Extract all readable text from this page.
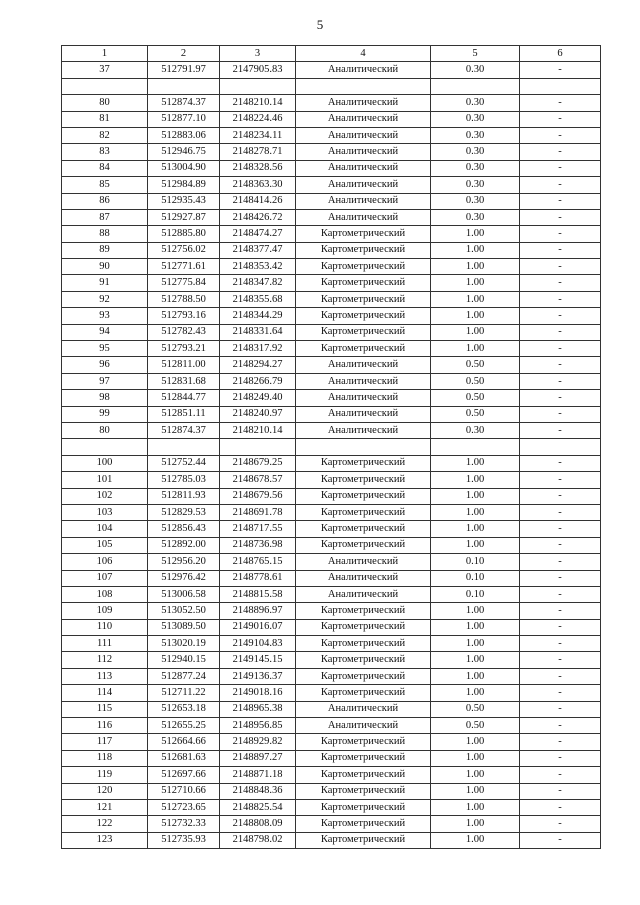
5
1	2	3	4	5	6
37	512791.97	2147905.83	Аналитический	0.30	-

80	512874.37	2148210.14	Аналитический	0.30	-
81	512877.10	2148224.46	Аналитический	0.30	-
82	512883.06	2148234.11	Аналитический	0.30	-
83	512946.75	2148278.71	Аналитический	0.30	-
84	513004.90	2148328.56	Аналитический	0.30	-
85	512984.89	2148363.30	Аналитический	0.30	-
86	512935.43	2148414.26	Аналитический	0.30	-
87	512927.87	2148426.72	Аналитический	0.30	-
88	512885.80	2148474.27	Картометрический	1.00	-
89	512756.02	2148377.47	Картометрический	1.00	-
90	512771.61	2148353.42	Картометрический	1.00	-
91	512775.84	2148347.82	Картометрический	1.00	-
92	512788.50	2148355.68	Картометрический	1.00	-
93	512793.16	2148344.29	Картометрический	1.00	-
94	512782.43	2148331.64	Картометрический	1.00	-
95	512793.21	2148317.92	Картометрический	1.00	-
96	512811.00	2148294.27	Аналитический	0.50	-
97	512831.68	2148266.79	Аналитический	0.50	-
98	512844.77	2148249.40	Аналитический	0.50	-
99	512851.11	2148240.97	Аналитический	0.50	-
80	512874.37	2148210.14	Аналитический	0.30	-

100	512752.44	2148679.25	Картометрический	1.00	-
101	512785.03	2148678.57	Картометрический	1.00	-
102	512811.93	2148679.56	Картометрический	1.00	-
103	512829.53	2148691.78	Картометрический	1.00	-
104	512856.43	2148717.55	Картометрический	1.00	-
105	512892.00	2148736.98	Картометрический	1.00	-
106	512956.20	2148765.15	Аналитический	0.10	-
107	512976.42	2148778.61	Аналитический	0.10	-
108	513006.58	2148815.58	Аналитический	0.10	-
109	513052.50	2148896.97	Картометрический	1.00	-
110	513089.50	2149016.07	Картометрический	1.00	-
111	513020.19	2149104.83	Картометрический	1.00	-
112	512940.15	2149145.15	Картометрический	1.00	-
113	512877.24	2149136.37	Картометрический	1.00	-
114	512711.22	2149018.16	Картометрический	1.00	-
115	512653.18	2148965.38	Аналитический	0.50	-
116	512655.25	2148956.85	Аналитический	0.50	-
117	512664.66	2148929.82	Картометрический	1.00	-
118	512681.63	2148897.27	Картометрический	1.00	-
119	512697.66	2148871.18	Картометрический	1.00	-
120	512710.66	2148848.36	Картометрический	1.00	-
121	512723.65	2148825.54	Картометрический	1.00	-
122	512732.33	2148808.09	Картометрический	1.00	-
123	512735.93	2148798.02	Картометрический	1.00	-
